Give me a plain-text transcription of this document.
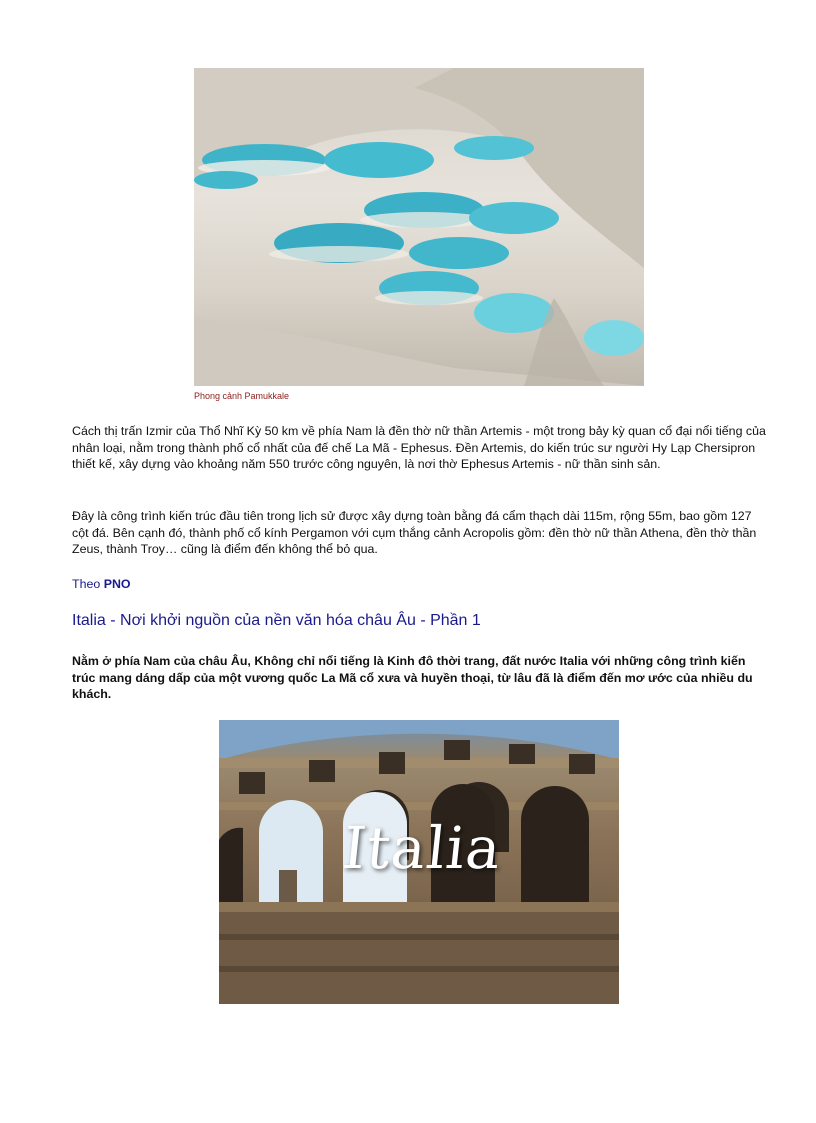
Phong cảnh Pamukkale

Cách thị trấn Izmir của Thổ Nhĩ Kỳ 50 km về phía Nam là đền thờ nữ thần Artemis - một trong bảy kỳ quan cổ đại nổi tiếng của nhân loại, nằm trong thành phố cổ nhất của đế chế La Mã - Ephesus. Đền Artemis, do kiến trúc sư người Hy Lạp Chersipron thiết kế, xây dựng vào khoảng năm 550 trước công nguyên, là nơi thờ Ephesus Artemis - nữ thần sinh sản.

Đây là công trình kiến trúc đầu tiên trong lịch sử được xây dựng toàn bằng đá cẩm thạch dài 115m, rộng 55m, bao gồm 127 cột đá. Bên cạnh đó, thành phố cổ kính Pergamon với cụm thắng cảnh Acropolis gồm: đền thờ nữ thần Athena, đền thờ thần Zeus, thành Troy… cũng là điểm đến không thể bỏ qua.

Theo PNO
Italia - Nơi khởi nguồn của nền văn hóa châu Âu - Phần 1

Nằm ở phía Nam của châu Âu, Không chỉ nổi tiếng là Kinh đô thời trang, đất nước Italia với những công trình kiến trúc mang dáng dấp của một vương quốc La Mã cổ xưa và huyền thoại, từ lâu đã là điểm đến mơ ước của nhiều du khách.

Italia
